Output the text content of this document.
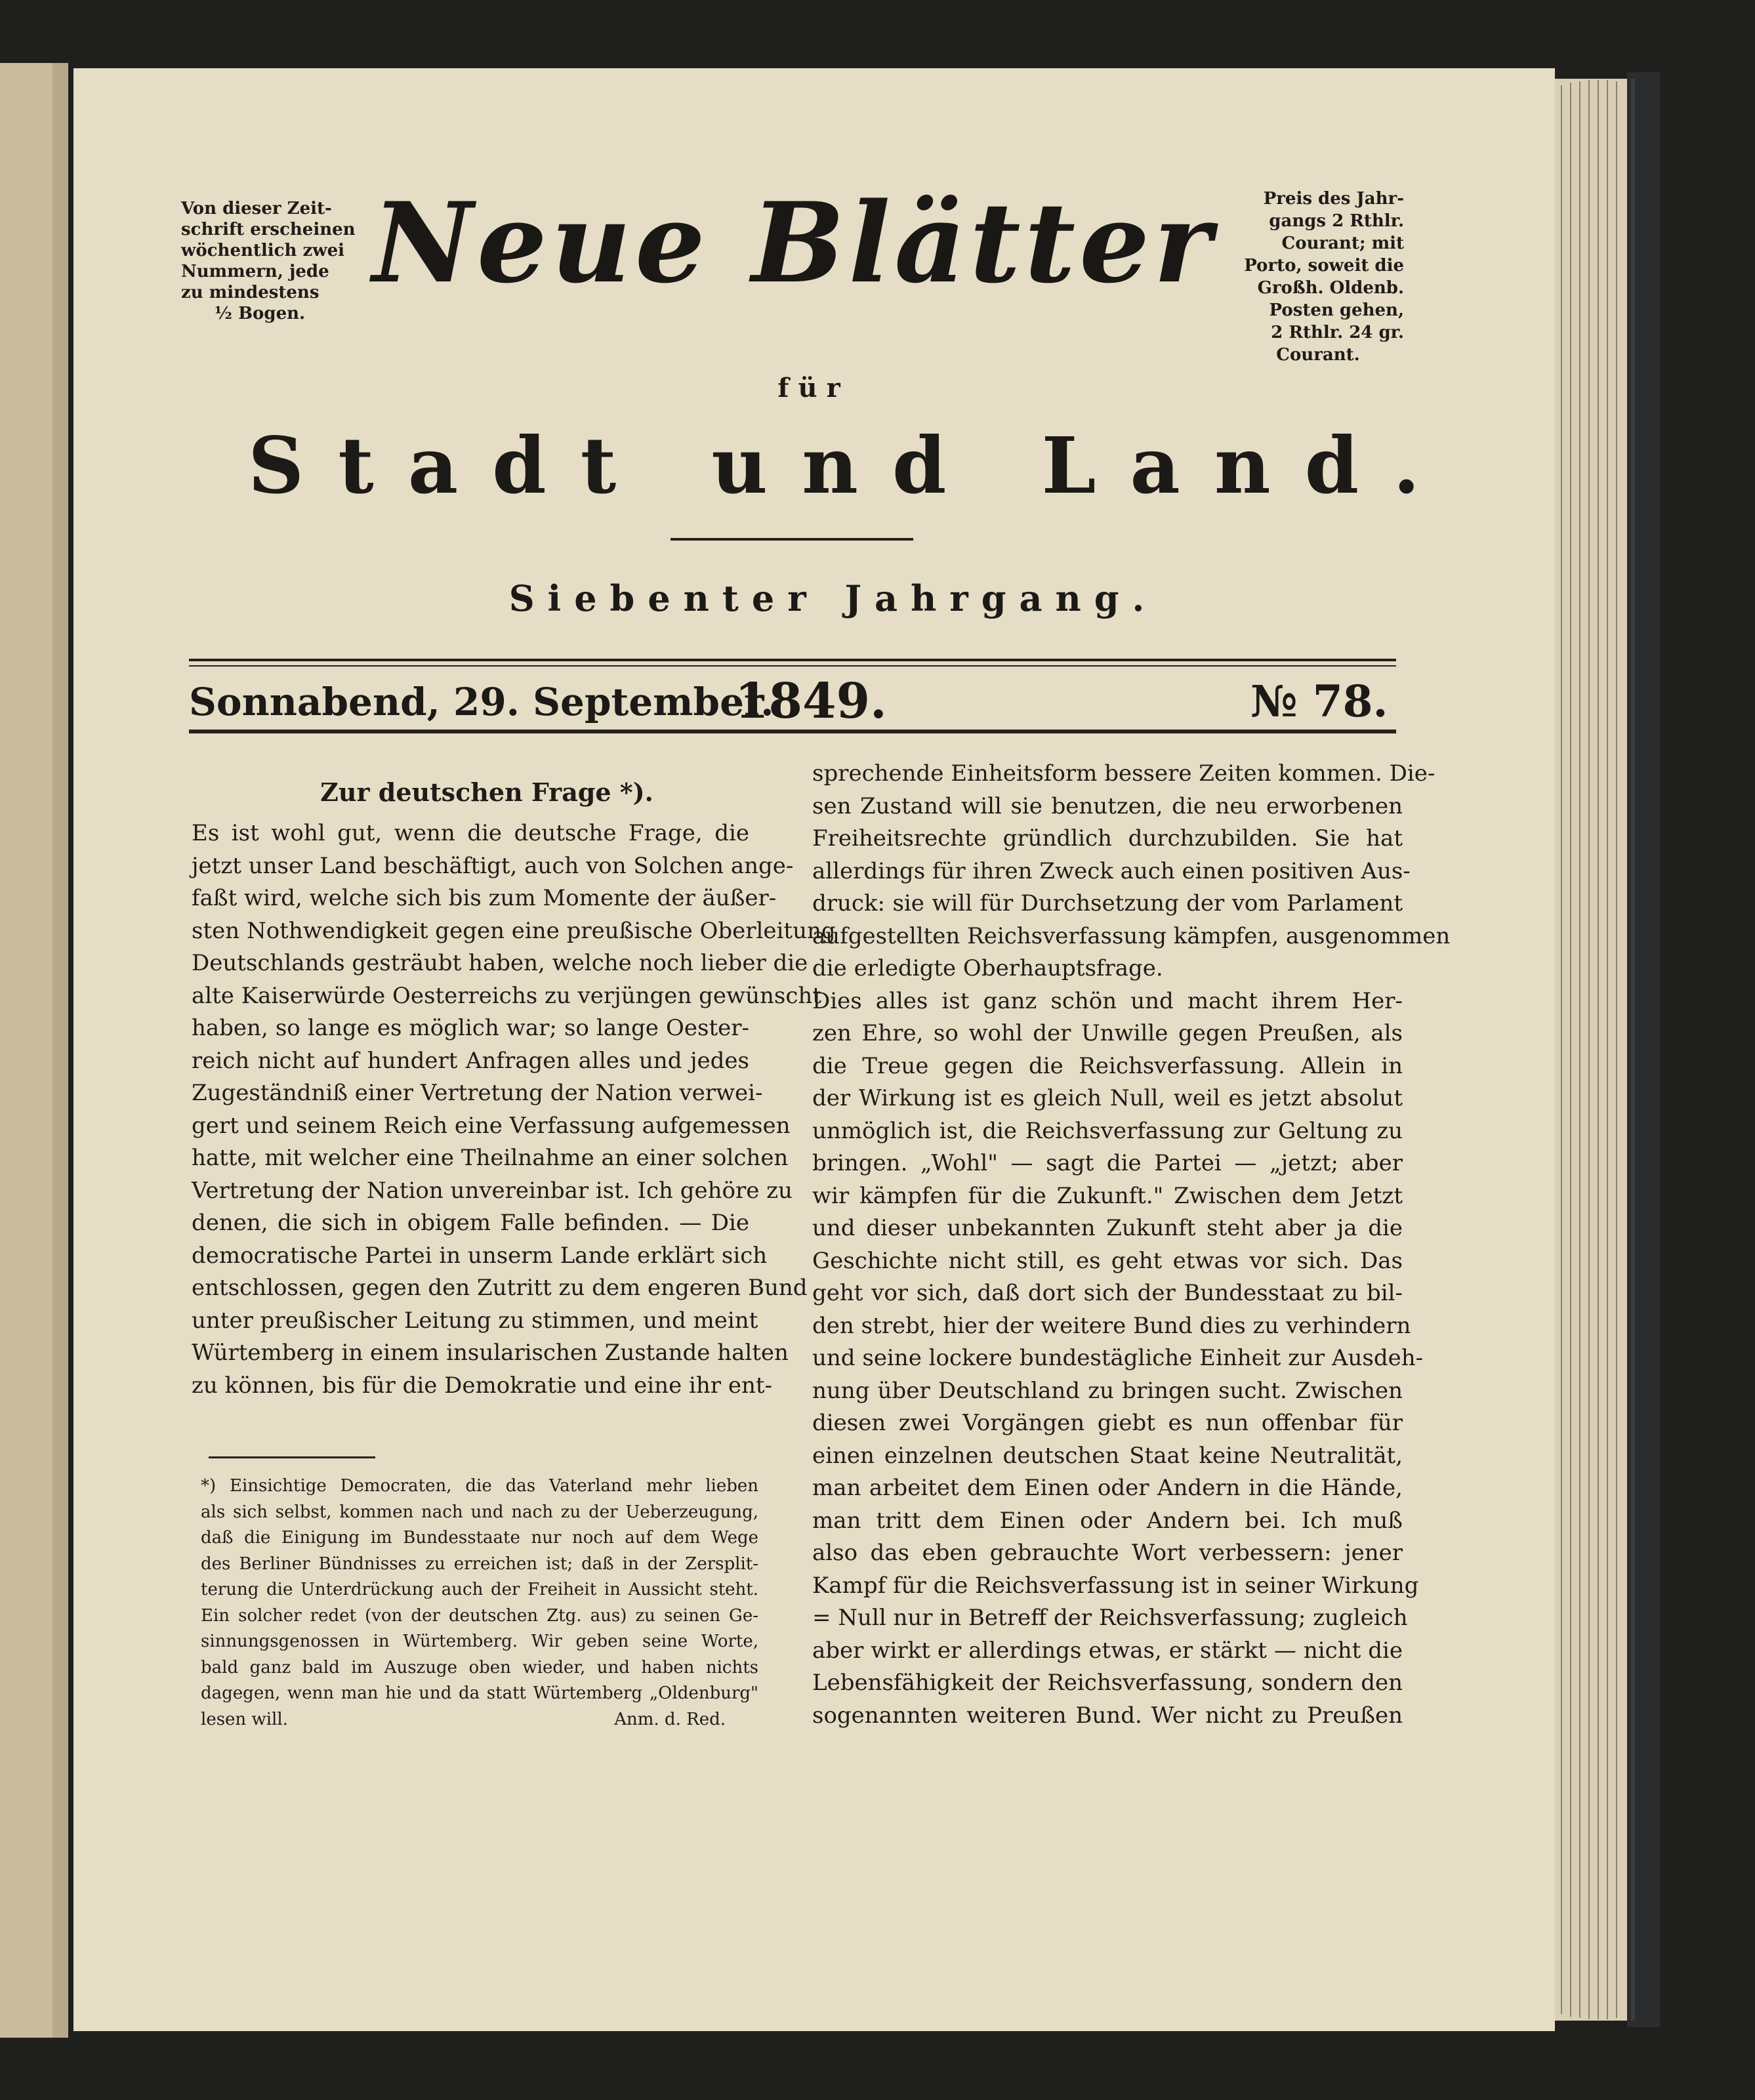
Von dieser Zeit-
schrift erscheinen
wöchentlich zwei
Nummern, jede
zu mindestens
½ Bogen.
Preis des Jahr-
gangs 2 Rthlr.
Courant; mit
Porto, soweit die
Großh. Oldenb.
Posten gehen,
2 Rthlr. 24 gr.
Courant.
Neue Blätter
für
Stadt und Land.
Siebenter Jahrgang.
Sonnabend, 29. September.
1849.	№ 78.
Zur deutschen Frage *).
Es ist wohl gut, wenn die deutsche Frage, die
jetzt unser Land beschäftigt, auch von Solchen ange-
faßt wird, welche sich bis zum Momente der äußer-
sten Nothwendigkeit gegen eine preußische Oberleitung
Deutschlands gesträubt haben, welche noch lieber die
alte Kaiserwürde Oesterreichs zu verjüngen gewünscht
haben, so lange es möglich war; so lange Oester-
reich nicht auf hundert Anfragen alles und jedes
Zugeständniß einer Vertretung der Nation verwei-
gert und seinem Reich eine Verfassung aufgemessen
hatte, mit welcher eine Theilnahme an einer solchen
Vertretung der Nation unvereinbar ist. Ich gehöre zu
denen, die sich in obigem Falle befinden. — Die
democratische Partei in unserm Lande erklärt sich
entschlossen, gegen den Zutritt zu dem engeren Bund
unter preußischer Leitung zu stimmen, und meint
Würtemberg in einem insularischen Zustande halten
zu können, bis für die Demokratie und eine ihr ent-
sprechende Einheitsform bessere Zeiten kommen. Die-
sen Zustand will sie benutzen, die neu erworbenen
Freiheitsrechte gründlich durchzubilden. Sie hat
allerdings für ihren Zweck auch einen positiven Aus-
druck: sie will für Durchsetzung der vom Parlament
aufgestellten Reichsverfassung kämpfen, ausgenommen
die erledigte Oberhauptsfrage.
Dies alles ist ganz schön und macht ihrem Her-
zen Ehre, so wohl der Unwille gegen Preußen, als
die Treue gegen die Reichsverfassung. Allein in
der Wirkung ist es gleich Null, weil es jetzt absolut
unmöglich ist, die Reichsverfassung zur Geltung zu
bringen. „Wohl" — sagt die Partei — „jetzt; aber
wir kämpfen für die Zukunft." Zwischen dem Jetzt
und dieser unbekannten Zukunft steht aber ja die
Geschichte nicht still, es geht etwas vor sich. Das
geht vor sich, daß dort sich der Bundesstaat zu bil-
den strebt, hier der weitere Bund dies zu verhindern
und seine lockere bundestägliche Einheit zur Ausdeh-
nung über Deutschland zu bringen sucht. Zwischen
diesen zwei Vorgängen giebt es nun offenbar für
einen einzelnen deutschen Staat keine Neutralität,
man arbeitet dem Einen oder Andern in die Hände,
man tritt dem Einen oder Andern bei. Ich muß
also das eben gebrauchte Wort verbessern: jener
Kampf für die Reichsverfassung ist in seiner Wirkung
= Null nur in Betreff der Reichsverfassung; zugleich
aber wirkt er allerdings etwas, er stärkt — nicht die
Lebensfähigkeit der Reichsverfassung, sondern den
sogenannten weiteren Bund. Wer nicht zu Preußen
*) Einsichtige Democraten, die das Vaterland mehr lieben
als sich selbst, kommen nach und nach zu der Ueberzeugung,
daß die Einigung im Bundesstaate nur noch auf dem Wege
des Berliner Bündnisses zu erreichen ist; daß in der Zersplit-
terung die Unterdrückung auch der Freiheit in Aussicht steht.
Ein solcher redet (von der deutschen Ztg. aus) zu seinen Ge-
sinnungsgenossen in Würtemberg. Wir geben seine Worte,
bald ganz bald im Auszuge oben wieder, und haben nichts
dagegen, wenn man hie und da statt Würtemberg „Oldenburg"
lesen will.	Anm. d. Red.
